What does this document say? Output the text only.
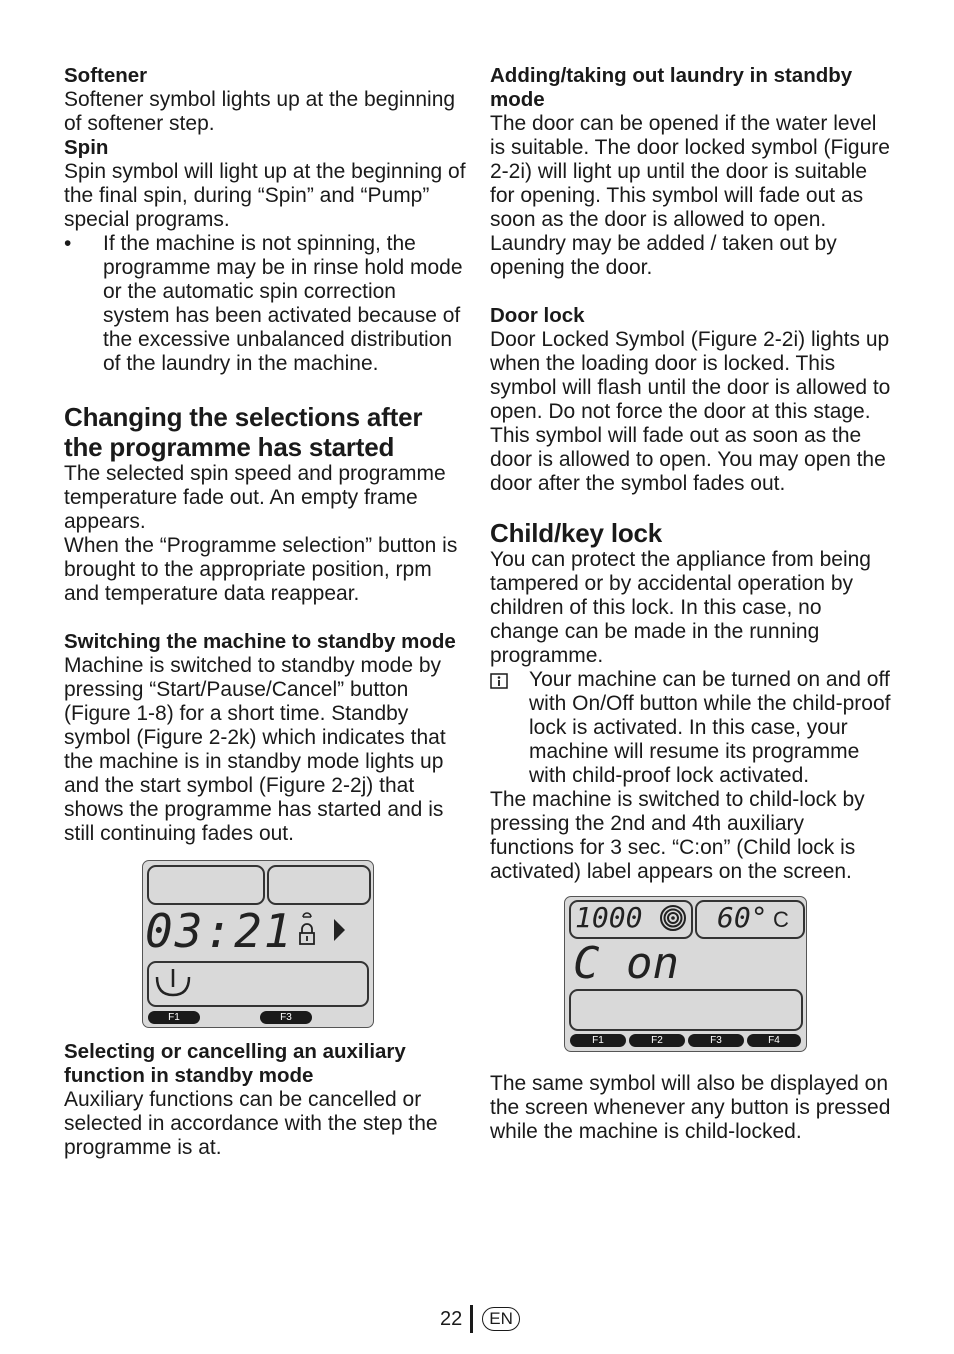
Softener

Softener symbol lights up at the beginning of softener step.

Spin

Spin symbol will light up at the beginning of the final spin, during “Spin” and “Pump” special programs.

• If the machine is not spinning, the programme may be in rinse hold mode or the automatic spin correction system has been activated because of the excessive unbalanced distribution of the laundry in the machine.
Changing the selections after the programme has started

The selected spin speed and programme temperature fade out. An empty frame appears.

When the “Programme selection” button is brought to the appropriate position, rpm and temperature data reappear.

Switching the machine to standby mode

Machine is switched to standby mode by pressing “Start/Pause/Cancel” button (Figure 1-8) for a short time. Standby symbol (Figure 2-2k) which indicates that the machine is in standby mode lights up and the start symbol (Figure 2-2j) that shows the programme has started and is still continuing fades out.

03:21
F1	F3
Selecting or cancelling an auxiliary function in standby mode

Auxiliary functions can be cancelled or selected in accordance with the step the programme is at.

Adding/taking out laundry in standby mode

The door can be opened if the water level is suitable. The door locked symbol (Figure 2-2i) will light up until the door is suitable for opening. This symbol will fade out as soon as the door is allowed to open. Laundry may be added / taken out by opening the door.

Door lock

Door Locked Symbol (Figure 2-2i) lights up when the loading door is locked. This symbol will flash until the door is allowed to open. Do not force the door at this stage. This symbol will fade out as soon as the door is allowed to open. You may open the door after the symbol fades out.

Child/key lock

You can protect the appliance from being tampered or by accidental operation by children of this lock. In this case, no change can be made in the running programme.

Your machine can be turned on and off with On/Off button while the child-proof lock is activated. In this case, your machine will resume its programme with child-proof lock activated.

The machine is switched to child-lock by pressing the 2nd and 4th auxiliary functions for 3 sec. “C:on” (Child lock is activated) label appears on the screen.

1000	60° C
C on
F1	F2	F3	F4

The same symbol will also be displayed on the screen whenever any button is pressed while the machine is child-locked.

22	EN
